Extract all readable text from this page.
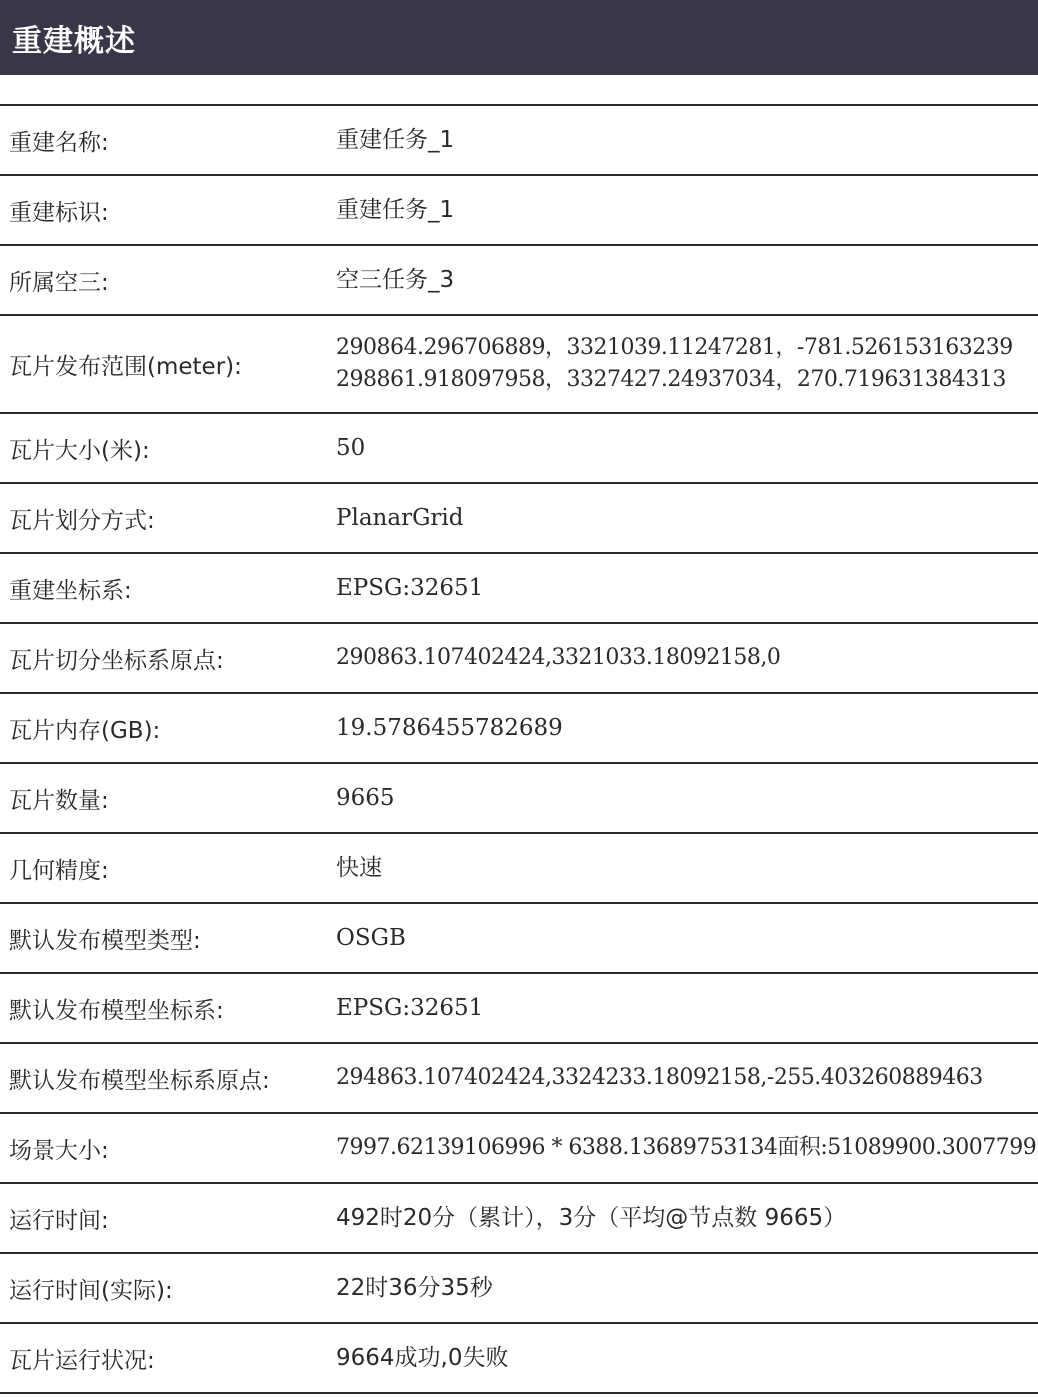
重建概述
重建名称:	重建任务_1
重建标识:	重建任务_1
所属空三:	空三任务_3
瓦片发布范围(meter):
290864.296706889，3321039.11247281，-781.526153163239
298861.918097958，3327427.24937034，270.719631384313
瓦片大小(米):	50
瓦片划分方式:	PlanarGrid
重建坐标系:	EPSG:32651
瓦片切分坐标系原点:	290863.107402424,3321033.18092158,0
瓦片内存(GB):	19.5786455782689
瓦片数量:	9665
几何精度:	快速
默认发布模型类型:	OSGB
默认发布模型坐标系:	EPSG:32651
默认发布模型坐标系原点:	294863.107402424,3324233.18092158,-255.403260889463
场景大小:	7997.62139106996 * 6388.13689753134面积:51089900.3007799
运行时间:	492时20分（累计），3分（平均@节点数 9665）
运行时间(实际):	22时36分35秒
瓦片运行状况:	9664成功,0失败
